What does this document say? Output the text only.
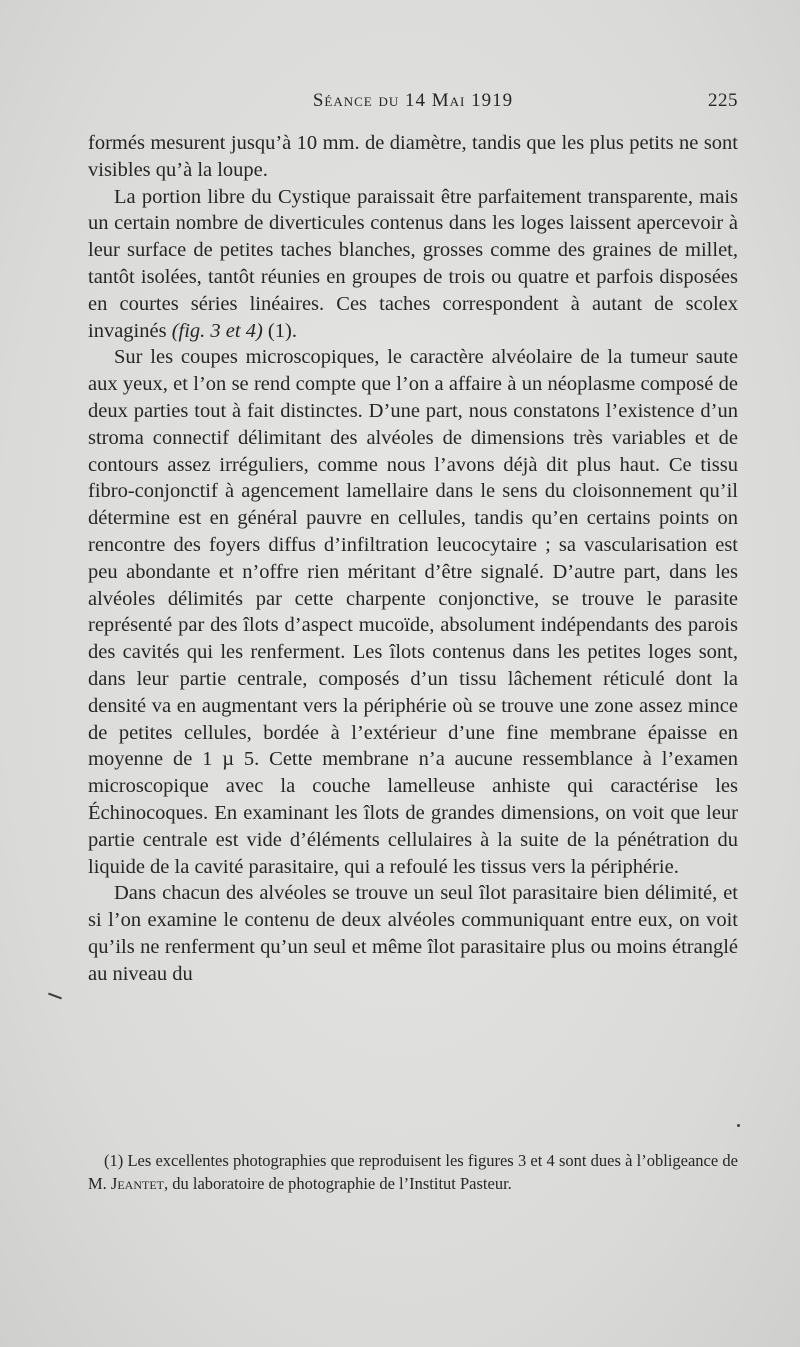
Séance du 14 Mai 1919	225

formés mesurent jusqu’à 10 mm. de diamètre, tandis que les plus petits ne sont visibles qu’à la loupe.

La portion libre du Cystique paraissait être parfaitement transparente, mais un certain nombre de diverticules contenus dans les loges laissent apercevoir à leur surface de petites taches blanches, grosses comme des graines de millet, tantôt isolées, tantôt réunies en groupes de trois ou quatre et parfois disposées en courtes séries linéaires. Ces taches correspondent à autant de scolex invaginés (fig. 3 et 4) (1).

Sur les coupes microscopiques, le caractère alvéolaire de la tumeur saute aux yeux, et l’on se rend compte que l’on a affaire à un néoplasme composé de deux parties tout à fait distinctes. D’une part, nous constatons l’existence d’un stroma connectif délimitant des alvéoles de dimensions très variables et de contours assez irréguliers, comme nous l’avons déjà dit plus haut. Ce tissu fibro-conjonctif à agencement lamellaire dans le sens du cloisonnement qu’il détermine est en général pauvre en cellules, tandis qu’en certains points on rencontre des foyers diffus d’infiltration leucocytaire ; sa vascularisation est peu abondante et n’offre rien méritant d’être signalé. D’autre part, dans les alvéoles délimités par cette charpente conjonctive, se trouve le parasite représenté par des îlots d’aspect mucoïde, absolument indépendants des parois des cavités qui les renferment. Les îlots contenus dans les petites loges sont, dans leur partie centrale, composés d’un tissu lâchement réticulé dont la densité va en augmentant vers la périphérie où se trouve une zone assez mince de petites cellules, bordée à l’extérieur d’une fine membrane épaisse en moyenne de 1 µ 5. Cette membrane n’a aucune ressemblance à l’examen microscopique avec la couche lamelleuse anhiste qui caractérise les Échinocoques. En examinant les îlots de grandes dimensions, on voit que leur partie centrale est vide d’éléments cellulaires à la suite de la pénétration du liquide de la cavité parasitaire, qui a refoulé les tissus vers la périphérie.

Dans chacun des alvéoles se trouve un seul îlot parasitaire bien délimité, et si l’on examine le contenu de deux alvéoles communiquant entre eux, on voit qu’ils ne renferment qu’un seul et même îlot parasitaire plus ou moins étranglé au niveau du

(1) Les excellentes photographies que reproduisent les figures 3 et 4 sont dues à l’obligeance de M. Jeantet, du laboratoire de photographie de l’Institut Pasteur.
